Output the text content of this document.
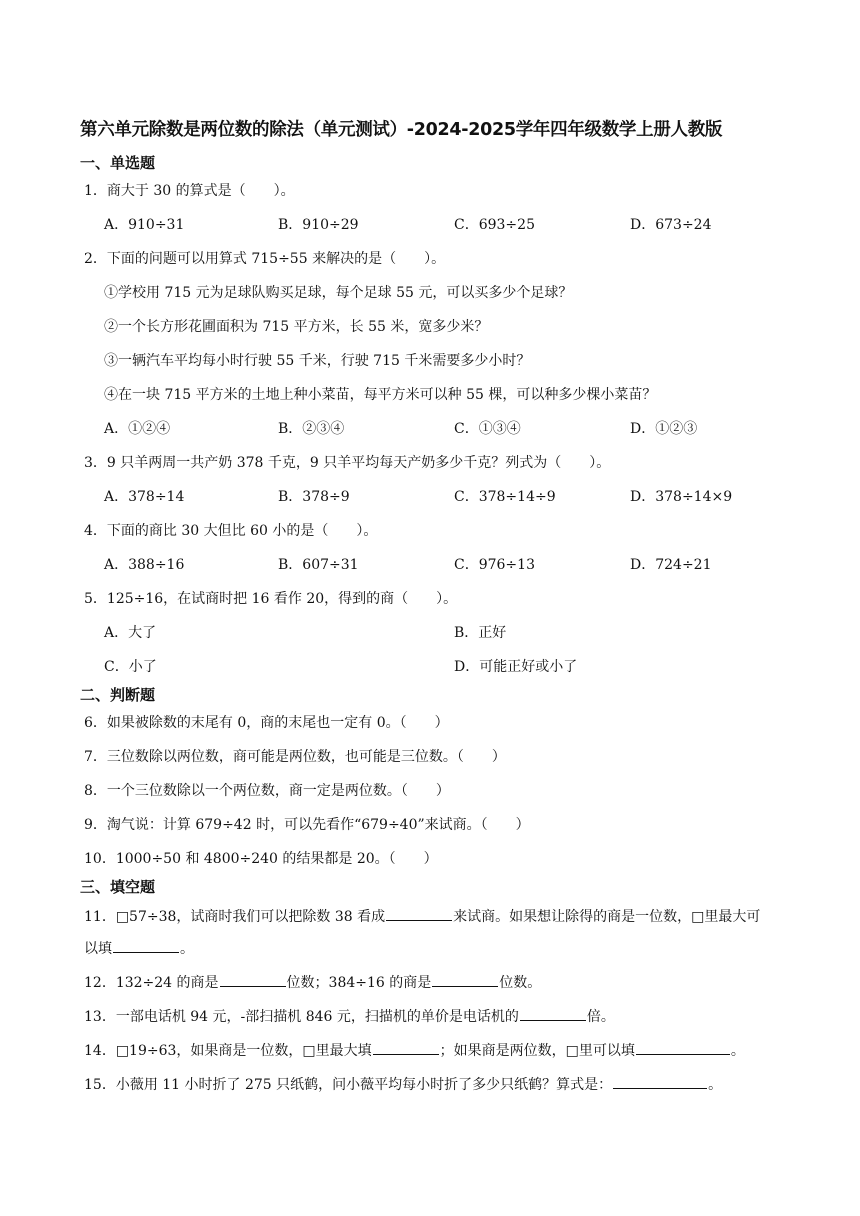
第六单元除数是两位数的除法（单元测试）-2024-2025学年四年级数学上册人教版
一、单选题
1．商大于 30 的算式是（　　）。
A．910÷31	B．910÷29	C．693÷25	D．673÷24
2．下面的问题可以用算式 715÷55 来解决的是（　　）。
①学校用 715 元为足球队购买足球，每个足球 55 元，可以买多少个足球？
②一个长方形花圃面积为 715 平方米，长 55 米，宽多少米？
③一辆汽车平均每小时行驶 55 千米，行驶 715 千米需要多少小时？
④在一块 715 平方米的土地上种小菜苗，每平方米可以种 55 棵，可以种多少棵小菜苗？
A．①②④	B．②③④	C．①③④	D．①②③
3．9 只羊两周一共产奶 378 千克，9 只羊平均每天产奶多少千克？列式为（　　）。
A．378÷14	B．378÷9	C．378÷14÷9	D．378÷14×9
4．下面的商比 30 大但比 60 小的是（　　）。
A．388÷16	B．607÷31	C．976÷13	D．724÷21
5．125÷16，在试商时把 16 看作 20，得到的商（　　）。
A．大了	B．正好
C．小了	D．可能正好或小了
二、判断题
6．如果被除数的末尾有 0，商的末尾也一定有 0。（　　）
7．三位数除以两位数，商可能是两位数，也可能是三位数。（　　）
8．一个三位数除以一个两位数，商一定是两位数。（　　）
9．淘气说：计算 679÷42 时，可以先看作“679÷40”来试商。（　　）
10．1000÷50 和 4800÷240 的结果都是 20。（　　）
三、填空题
11．□57÷38，试商时我们可以把除数 38 看成	来试商。如果想让除得的商是一位数，□里最大可
以填	。
12．132÷24 的商是	位数；384÷16 的商是	位数。
13．一部电话机 94 元，-部扫描机 846 元，扫描机的单价是电话机的	倍。
14．□19÷63，如果商是一位数，□里最大填	；如果商是两位数，□里可以填	。
15．小薇用 11 小时折了 275 只纸鹤，问小薇平均每小时折了多少只纸鹤？算式是：	。
